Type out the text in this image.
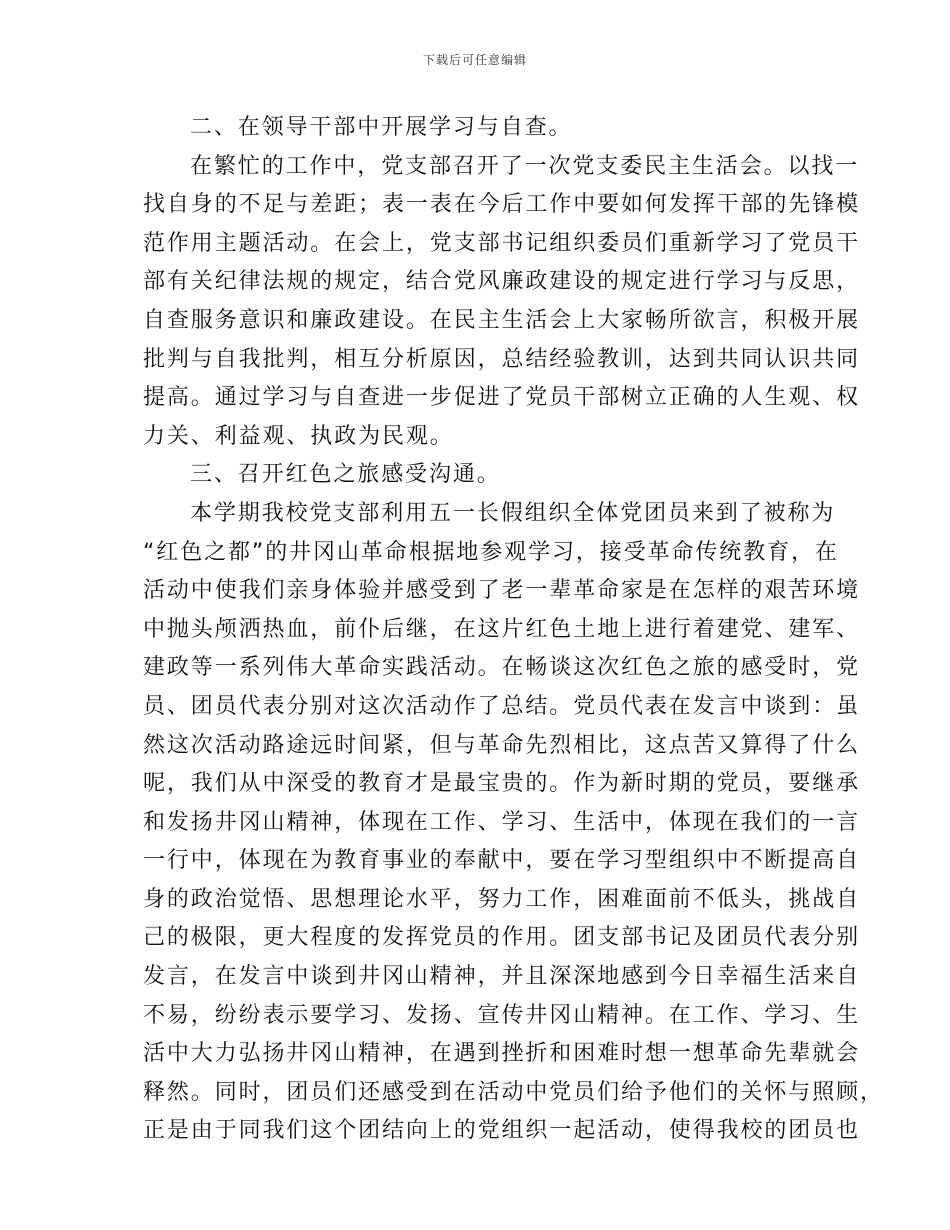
下载后可任意编辑
二、在领导干部中开展学习与自查。
在繁忙的工作中，党支部召开了一次党支委民主生活会。以找一
找自身的不足与差距；表一表在今后工作中要如何发挥干部的先锋模
范作用主题活动。在会上，党支部书记组织委员们重新学习了党员干
部有关纪律法规的规定，结合党风廉政建设的规定进行学习与反思，
自查服务意识和廉政建设。在民主生活会上大家畅所欲言，积极开展
批判与自我批判，相互分析原因，总结经验教训，达到共同认识共同
提高。通过学习与自查进一步促进了党员干部树立正确的人生观、权
力关、利益观、执政为民观。
三、召开红色之旅感受沟通。
本学期我校党支部利用五一长假组织全体党团员来到了被称为
“红色之都”的井冈山革命根据地参观学习，接受革命传统教育，在
活动中使我们亲身体验并感受到了老一辈革命家是在怎样的艰苦环境
中抛头颅洒热血，前仆后继，在这片红色土地上进行着建党、建军、
建政等一系列伟大革命实践活动。在畅谈这次红色之旅的感受时，党
员、团员代表分别对这次活动作了总结。党员代表在发言中谈到：虽
然这次活动路途远时间紧，但与革命先烈相比，这点苦又算得了什么
呢，我们从中深受的教育才是最宝贵的。作为新时期的党员，要继承
和发扬井冈山精神，体现在工作、学习、生活中，体现在我们的一言
一行中，体现在为教育事业的奉献中，要在学习型组织中不断提高自
身的政治觉悟、思想理论水平，努力工作，困难面前不低头，挑战自
己的极限，更大程度的发挥党员的作用。团支部书记及团员代表分别
发言，在发言中谈到井冈山精神，并且深深地感到今日幸福生活来自
不易，纷纷表示要学习、发扬、宣传井冈山精神。在工作、学习、生
活中大力弘扬井冈山精神，在遇到挫折和困难时想一想革命先辈就会
释然。同时，团员们还感受到在活动中党员们给予他们的关怀与照顾，
正是由于同我们这个团结向上的党组织一起活动，使得我校的团员也
